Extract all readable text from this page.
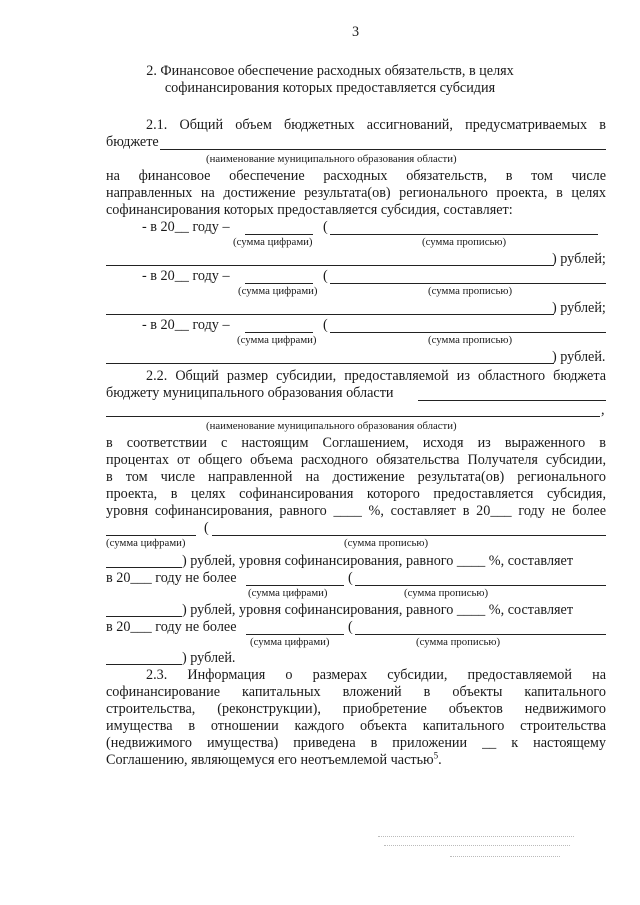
3
2. Финансовое обеспечение расходных обязательств, в целях
софинансирования которых предоставляется субсидия
2.1. Общий объем бюджетных ассигнований, предусматриваемых в
бюджете
(наименование муниципального образования области)
на финансовое обеспечение расходных обязательств, в том числе
направленных на достижение результата(ов) регионального проекта, в целях
софинансирования которых предоставляется субсидия, составляет:
- в 20__ году –	(
(сумма цифрами)	(сумма прописью)
) рублей;
- в 20__ году –	(
(сумма цифрами)	(сумма прописью)
) рублей;
- в 20__ году –	(
(сумма цифрами)	(сумма прописью)
) рублей.
2.2. Общий размер субсидии, предоставляемой из областного бюджета
бюджету муниципального образования области
,
(наименование муниципального образования области)
в соответствии с настоящим Соглашением, исходя из выраженного в
процентах от общего объема расходного обязательства Получателя субсидии,
в том числе направленной на достижение результата(ов) регионального
проекта, в целях софинансирования которого предоставляется субсидия,
уровня софинансирования, равного ____ %, составляет в 20___ году не более
(
(сумма цифрами)	(сумма прописью)
) рублей, уровня софинансирования, равного ____ %, составляет
в 20___ году не более	(
(сумма цифрами)	(сумма прописью)
) рублей, уровня софинансирования, равного ____ %, составляет
в 20___ году не более	(
(сумма цифрами)	(сумма прописью)
) рублей.
2.3. Информация о размерах субсидии, предоставляемой на
софинансирование капитальных вложений в объекты капитального
строительства, (реконструкции), приобретение объектов недвижимого
имущества в отношении каждого объекта капитального строительства
(недвижимого имущества) приведена в приложении __ к настоящему
Соглашению, являющемуся его неотъемлемой частью$^5$.
